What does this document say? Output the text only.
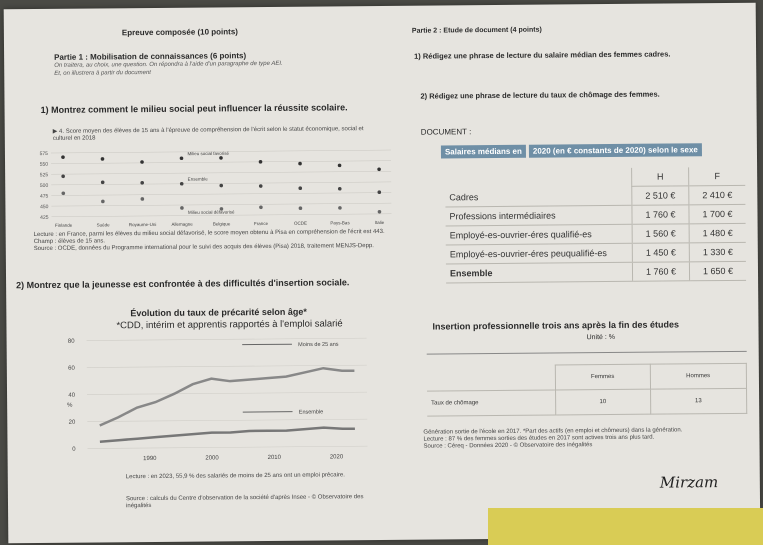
Epreuve composée (10 points)
Partie 1 : Mobilisation de connaissances (6 points)
On traitera, au choix, une question. On répondra à l'aide d'un paragraphe de type AEI.
Et, on illustrera à partir du document
1) Montrez comment le milieu social peut influencer la réussite scolaire.
▶ 4. Score moyen des élèves de 15 ans à l'épreuve de compréhension de l'écrit selon le statut économique, social et culturel en 2018
425
450
475
500
525
550
575
Finlande	Suède	Royaume-Uni	Allemagne	Belgique	France	OCDE	Pays-Bas	Italie
Milieu social favorisé
Ensemble
Milieu social défavorisé
Lecture : en France, parmi les élèves du milieu social défavorisé, le score moyen obtenu à Pisa en compréhension de l'écrit est 443.
Champ : élèves de 15 ans.
Source : OCDE, données du Programme international pour le suivi des acquis des élèves (Pisa) 2018, traitement MENJS-Depp.
2) Montrez que la jeunesse est confrontée à des difficultés d'insertion sociale.
Évolution du taux de précarité selon âge*
*CDD, intérim et apprentis rapportés à l'emploi salarié
0
20
40
60
80
%
1990	2000	2010	2020
Moins de 25 ans
Ensemble
Lecture : en 2023, 55,9 % des salariés de moins de 25 ans ont un emploi précaire.
Source : calculs du Centre d'observation de la société d'après Insee - © Observatoire des inégalités
Partie 2 : Etude de document (4 points)
1) Rédigez une phrase de lecture du salaire médian des femmes cadres.
2) Rédigez une phrase de lecture du taux de chômage des femmes.
DOCUMENT :
Salaires médians en	2020 (en € constants de 2020) selon le sexe
	H	F
Cadres	2 510 €	2 410 €
Professions intermédiaires	1 760 €	1 700 €
Employé-es-ouvrier-éres qualifié-es	1 560 €	1 480 €
Employé-es-ouvrier-éres peuqualifié-es	1 450 €	1 330 €
Ensemble	1 760 €	1 650 €
Insertion professionnelle trois ans après la fin des études
Unité : %
	Femmes	Hommes
Taux de chômage	10	13
Génération sortie de l'école en 2017. *Part des actifs (en emploi et chômeurs) dans la génération.
Lecture : 87 % des femmes sorties des études en 2017 sont actives trois ans plus tard.
Source : Céreq - Données 2020 - © Observatoire des inégalités
Mirzam
